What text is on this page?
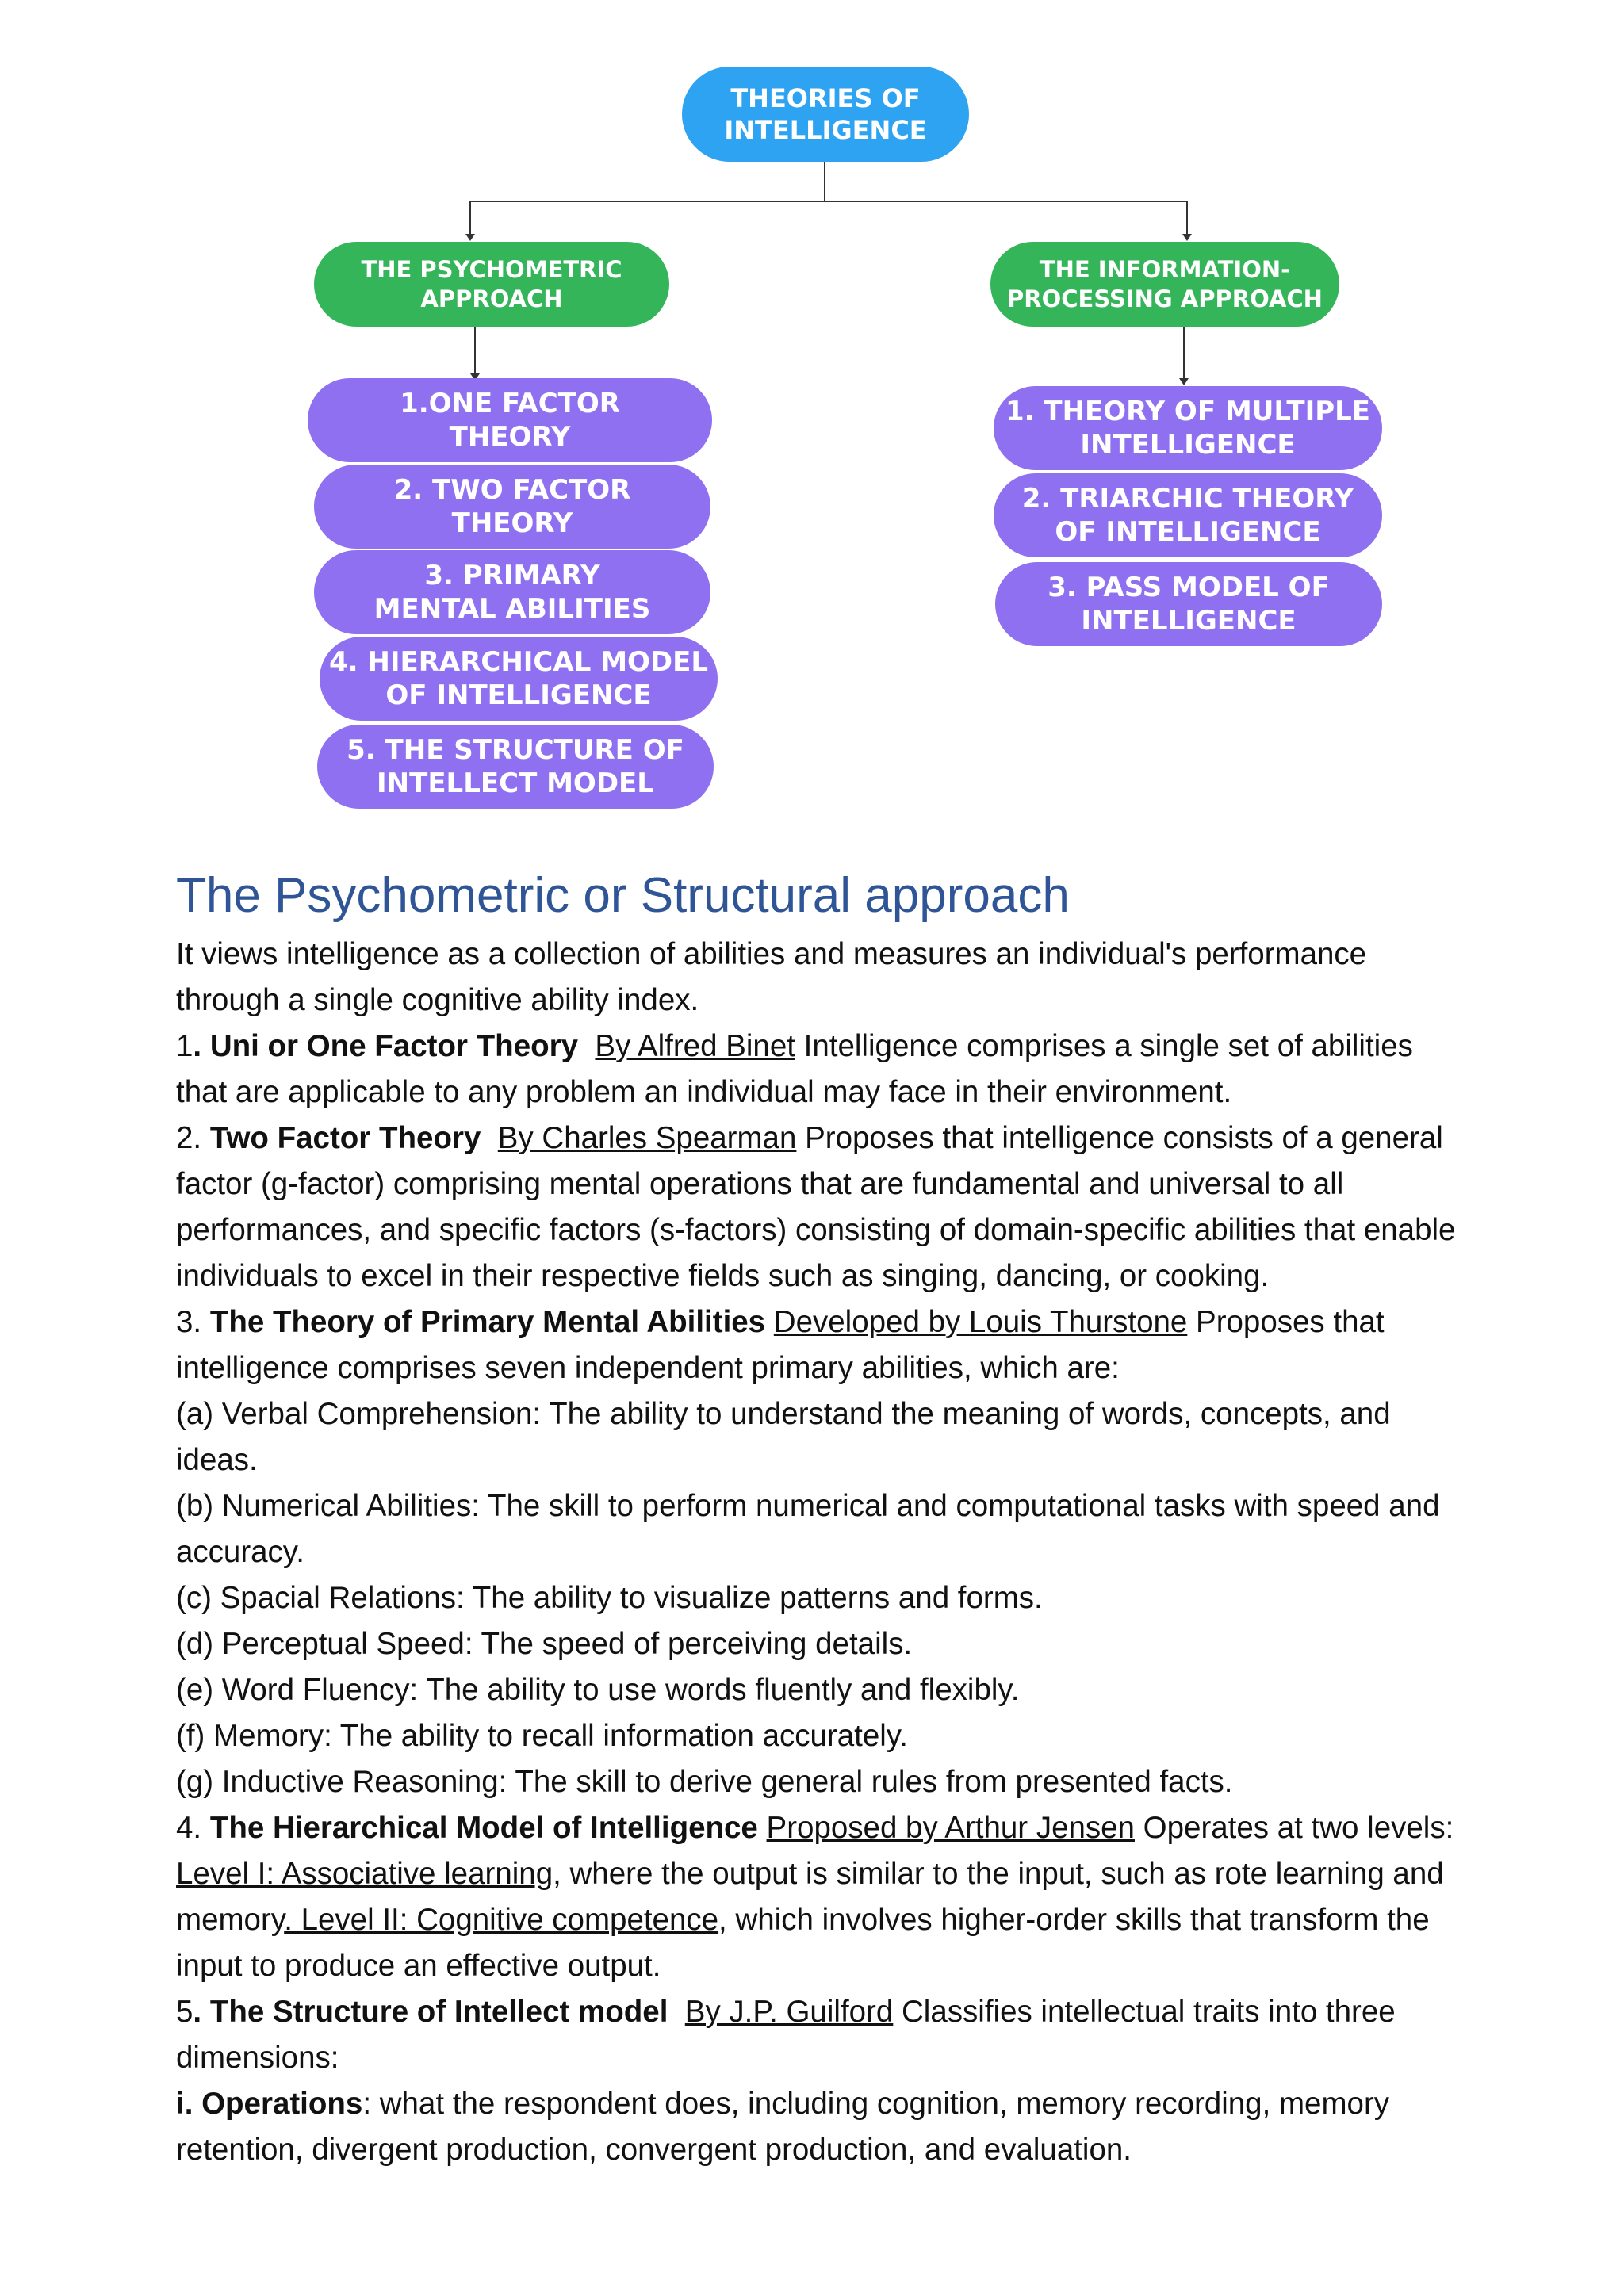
THEORIES OF
INTELLIGENCE
THE PSYCHOMETRIC
APPROACH
THE INFORMATION-
PROCESSING APPROACH
1.ONE FACTOR
THEORY
2. TWO FACTOR
THEORY
3. PRIMARY
MENTAL ABILITIES
4. HIERARCHICAL MODEL
OF INTELLIGENCE
5. THE STRUCTURE OF
INTELLECT MODEL
1. THEORY OF MULTIPLE
INTELLIGENCE
2. TRIARCHIC THEORY
OF INTELLIGENCE
3. PASS MODEL OF
INTELLIGENCE
The Psychometric or Structural approach

It views intelligence as a collection of abilities and measures an individual's performance through a single cognitive ability index.

1. Uni or One Factor Theory By Alfred Binet Intelligence comprises a single set of abilities that are applicable to any problem an individual may face in their environment.

2. Two Factor Theory By Charles Spearman Proposes that intelligence consists of a general factor (g-factor) comprising mental operations that are fundamental and universal to all performances, and specific factors (s-factors) consisting of domain-specific abilities that enable individuals to excel in their respective fields such as singing, dancing, or cooking.

3. The Theory of Primary Mental Abilities Developed by Louis Thurstone Proposes that intelligence comprises seven independent primary abilities, which are:

(a) Verbal Comprehension: The ability to understand the meaning of words, concepts, and ideas.

(b) Numerical Abilities: The skill to perform numerical and computational tasks with speed and accuracy.

(c) Spacial Relations: The ability to visualize patterns and forms.

(d) Perceptual Speed: The speed of perceiving details.

(e) Word Fluency: The ability to use words fluently and flexibly.

(f) Memory: The ability to recall information accurately.

(g) Inductive Reasoning: The skill to derive general rules from presented facts.

4. The Hierarchical Model of Intelligence Proposed by Arthur Jensen Operates at two levels: Level I: Associative learning, where the output is similar to the input, such as rote learning and memory. Level II: Cognitive competence, which involves higher-order skills that transform the input to produce an effective output.

5. The Structure of Intellect model By J.P. Guilford Classifies intellectual traits into three dimensions:

i. Operations: what the respondent does, including cognition, memory recording, memory retention, divergent production, convergent production, and evaluation.
